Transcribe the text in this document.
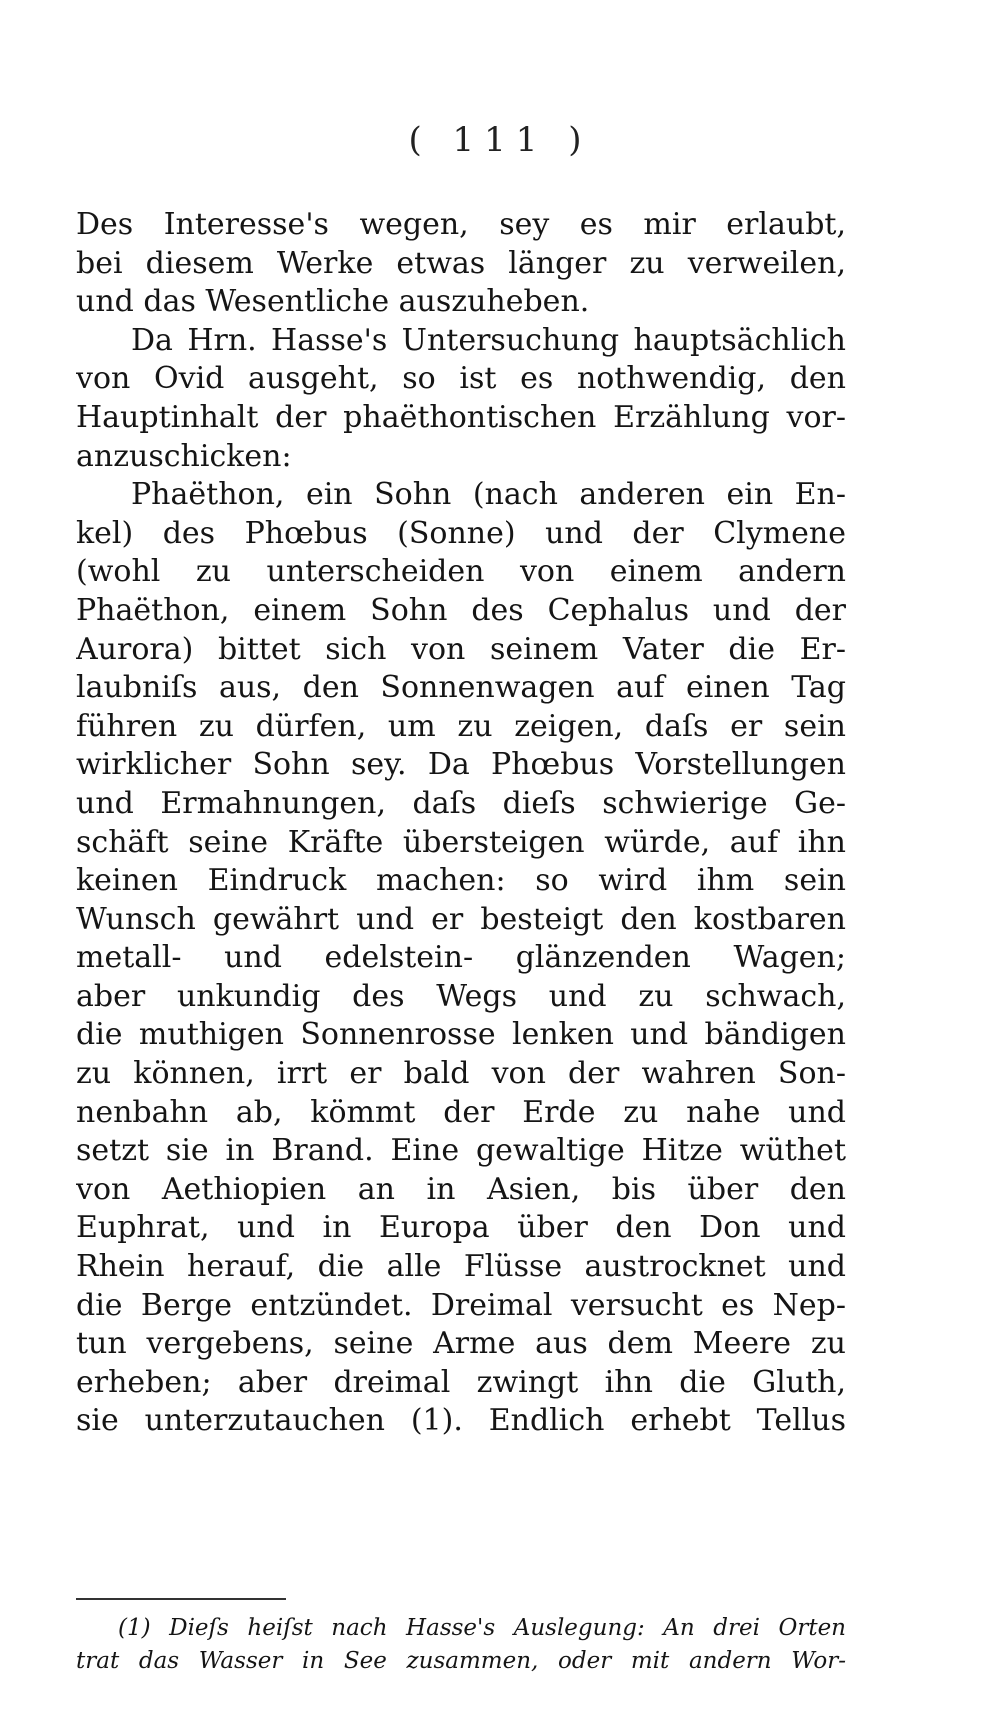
( 111 )
Des Interesse's wegen, sey es mir erlaubt,
bei diesem Werke etwas länger zu verweilen,
und das Wesentliche auszuheben.
Da Hrn. Hasse's Untersuchung hauptsächlich
von Ovid ausgeht, so ist es nothwendig, den
Hauptinhalt der phaëthontischen Erzählung vor-
anzuschicken:
Phaëthon, ein Sohn (nach anderen ein En-
kel) des Phœbus (Sonne) und der Clymene
(wohl zu unterscheiden von einem andern
Phaëthon, einem Sohn des Cephalus und der
Aurora) bittet sich von seinem Vater die Er-
laubniſs aus, den Sonnenwagen auf einen Tag
führen zu dürfen, um zu zeigen, daſs er sein
wirklicher Sohn sey. Da Phœbus Vorstellungen
und Ermahnungen, daſs dieſs schwierige Ge-
schäft seine Kräfte übersteigen würde, auf ihn
keinen Eindruck machen: so wird ihm sein
Wunsch gewährt und er besteigt den kostbaren
metall- und edelstein- glänzenden Wagen;
aber unkundig des Wegs und zu schwach,
die muthigen Sonnenrosse lenken und bändigen
zu können, irrt er bald von der wahren Son-
nenbahn ab, kömmt der Erde zu nahe und
setzt sie in Brand. Eine gewaltige Hitze wüthet
von Aethiopien an in Asien, bis über den
Euphrat, und in Europa über den Don und
Rhein herauf, die alle Flüsse austrocknet und
die Berge entzündet. Dreimal versucht es Nep-
tun vergebens, seine Arme aus dem Meere zu
erheben; aber dreimal zwingt ihn die Gluth,
sie unterzutauchen (1). Endlich erhebt Tellus
(1) Dieſs heiſst nach Hasse's Auslegung: An drei Orten
trat das Wasser in See zusammen, oder mit andern Wor-
